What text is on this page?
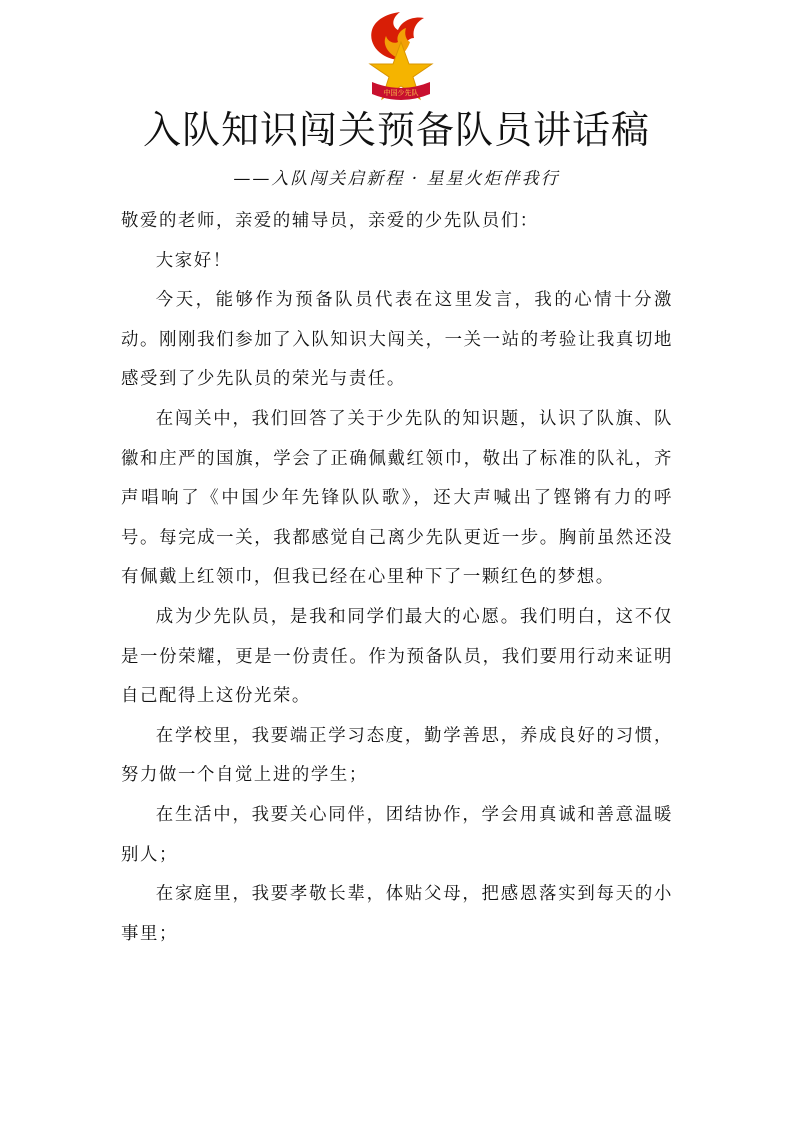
中国少先队
入队知识闯关预备队员讲话稿
——入队闯关启新程 · 星星火炬伴我行

敬爱的老师，亲爱的辅导员，亲爱的少先队员们：

大家好！

今天，能够作为预备队员代表在这里发言，我的心情十分激动。刚刚我们参加了入队知识大闯关，一关一站的考验让我真切地感受到了少先队员的荣光与责任。

在闯关中，我们回答了关于少先队的知识题，认识了队旗、队徽和庄严的国旗，学会了正确佩戴红领巾，敬出了标准的队礼，齐声唱响了《中国少年先锋队队歌》，还大声喊出了铿锵有力的呼号。每完成一关，我都感觉自己离少先队更近一步。胸前虽然还没有佩戴上红领巾，但我已经在心里种下了一颗红色的梦想。

成为少先队员，是我和同学们最大的心愿。我们明白，这不仅是一份荣耀，更是一份责任。作为预备队员，我们要用行动来证明自己配得上这份光荣。

在学校里，我要端正学习态度，勤学善思，养成良好的习惯，努力做一个自觉上进的学生；

在生活中，我要关心同伴，团结协作，学会用真诚和善意温暖别人；

在家庭里，我要孝敬长辈，体贴父母，把感恩落实到每天的小事里；
